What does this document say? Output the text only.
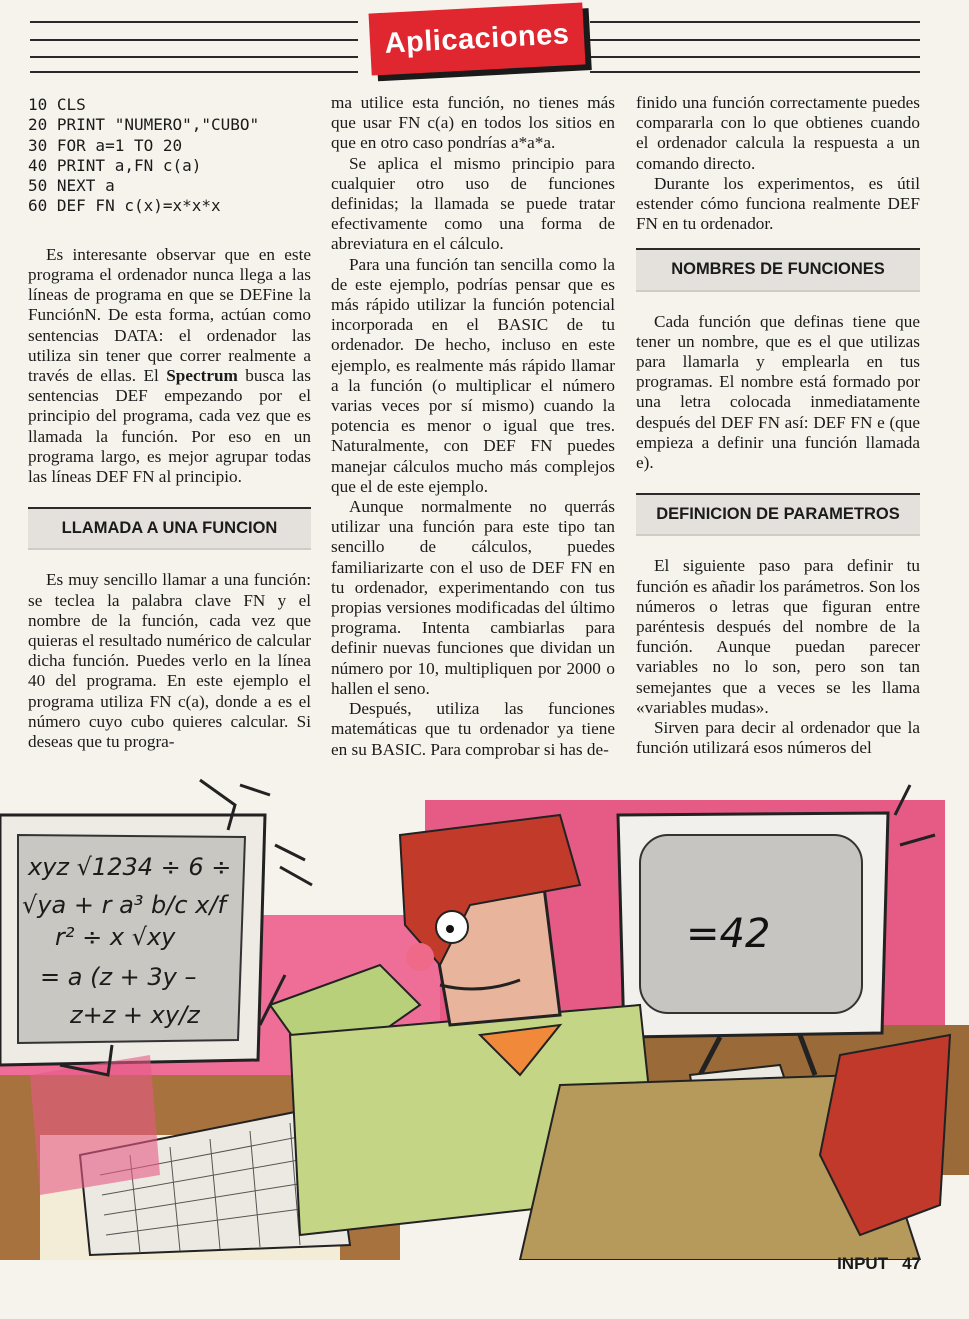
Aplicaciones
10 CLS
20 PRINT "NUMERO","CUBO"
30 FOR a=1 TO 20
40 PRINT a,FN c(a)
50 NEXT a
60 DEF FN c(x)=x*x*x

Es interesante observar que en este programa el ordenador nunca llega a las líneas de programa en que se DEFine la FunciónN. De esta forma, actúan como sentencias DATA: el ordenador las utiliza sin tener que correr realmente a través de ellas. El Spectrum busca las sentencias DEF empezando por el principio del programa, cada vez que es llamada la función. Por eso en un programa largo, es mejor agrupar todas las líneas DEF FN al principio.

LLAMADA A UNA FUNCION

Es muy sencillo llamar a una función: se teclea la palabra clave FN y el nombre de la función, cada vez que quieras el resultado numérico de calcular dicha función. Puedes verlo en la línea 40 del programa. En este ejemplo el programa utiliza FN c(a), donde a es el número cuyo cubo quieres calcular. Si deseas que tu progra-

ma utilice esta función, no tienes más que usar FN c(a) en todos los sitios en que en otro caso pondrías a*a*a.

Se aplica el mismo principio para cualquier otro uso de funciones definidas; la llamada se puede tratar efectivamente como una forma de abreviatura en el cálculo.

Para una función tan sencilla como la de este ejemplo, podrías pensar que es más rápido utilizar la función potencial incorporada en el BASIC de tu ordenador. De hecho, incluso en este ejemplo, es realmente más rápido llamar a la función (o multiplicar el número varias veces por sí mismo) cuando la potencia es menor o igual que tres. Naturalmente, con DEF FN puedes manejar cálculos mucho más complejos que el de este ejemplo.

Aunque normalmente no querrás utilizar una función para este tipo tan sencillo de cálculos, puedes familiarizarte con el uso de DEF FN en tu ordenador, experimentando con tus propias versiones modificadas del último programa. Intenta cambiarlas para definir nuevas funciones que dividan un número por 10, multipliquen por 2000 o hallen el seno.

Después, utiliza las funciones matemáticas que tu ordenador ya tiene en su BASIC. Para comprobar si has de-

finido una función correctamente puedes compararla con lo que obtienes cuando el ordenador calcula la respuesta a un comando directo.

Durante los experimentos, es útil estender cómo funciona realmente DEF FN en tu ordenador.

NOMBRES DE FUNCIONES

Cada función que definas tiene que tener un nombre, que es el que utilizas para llamarla y emplearla en tus programas. El nombre está formado por una letra colocada inmediatamente después del DEF FN así: DEF FN e (que empieza a definir una función llamada e).

DEFINICION DE PARAMETROS

El siguiente paso para definir tu función es añadir los parámetros. Son los números o letras que figuran entre paréntesis después del nombre de la función. Aunque puedan parecer variables no lo son, pero son tan semejantes que a veces se les llama «variables mudas».

Sirven para decir al ordenador que la función utilizará esos números del

xyz √1234 ÷ 6 ÷
√ya + r a³ b/c x/f
r² ÷ x √xy
= a (z + 3y –
z+z + xy/z
=42
INPUT 47
